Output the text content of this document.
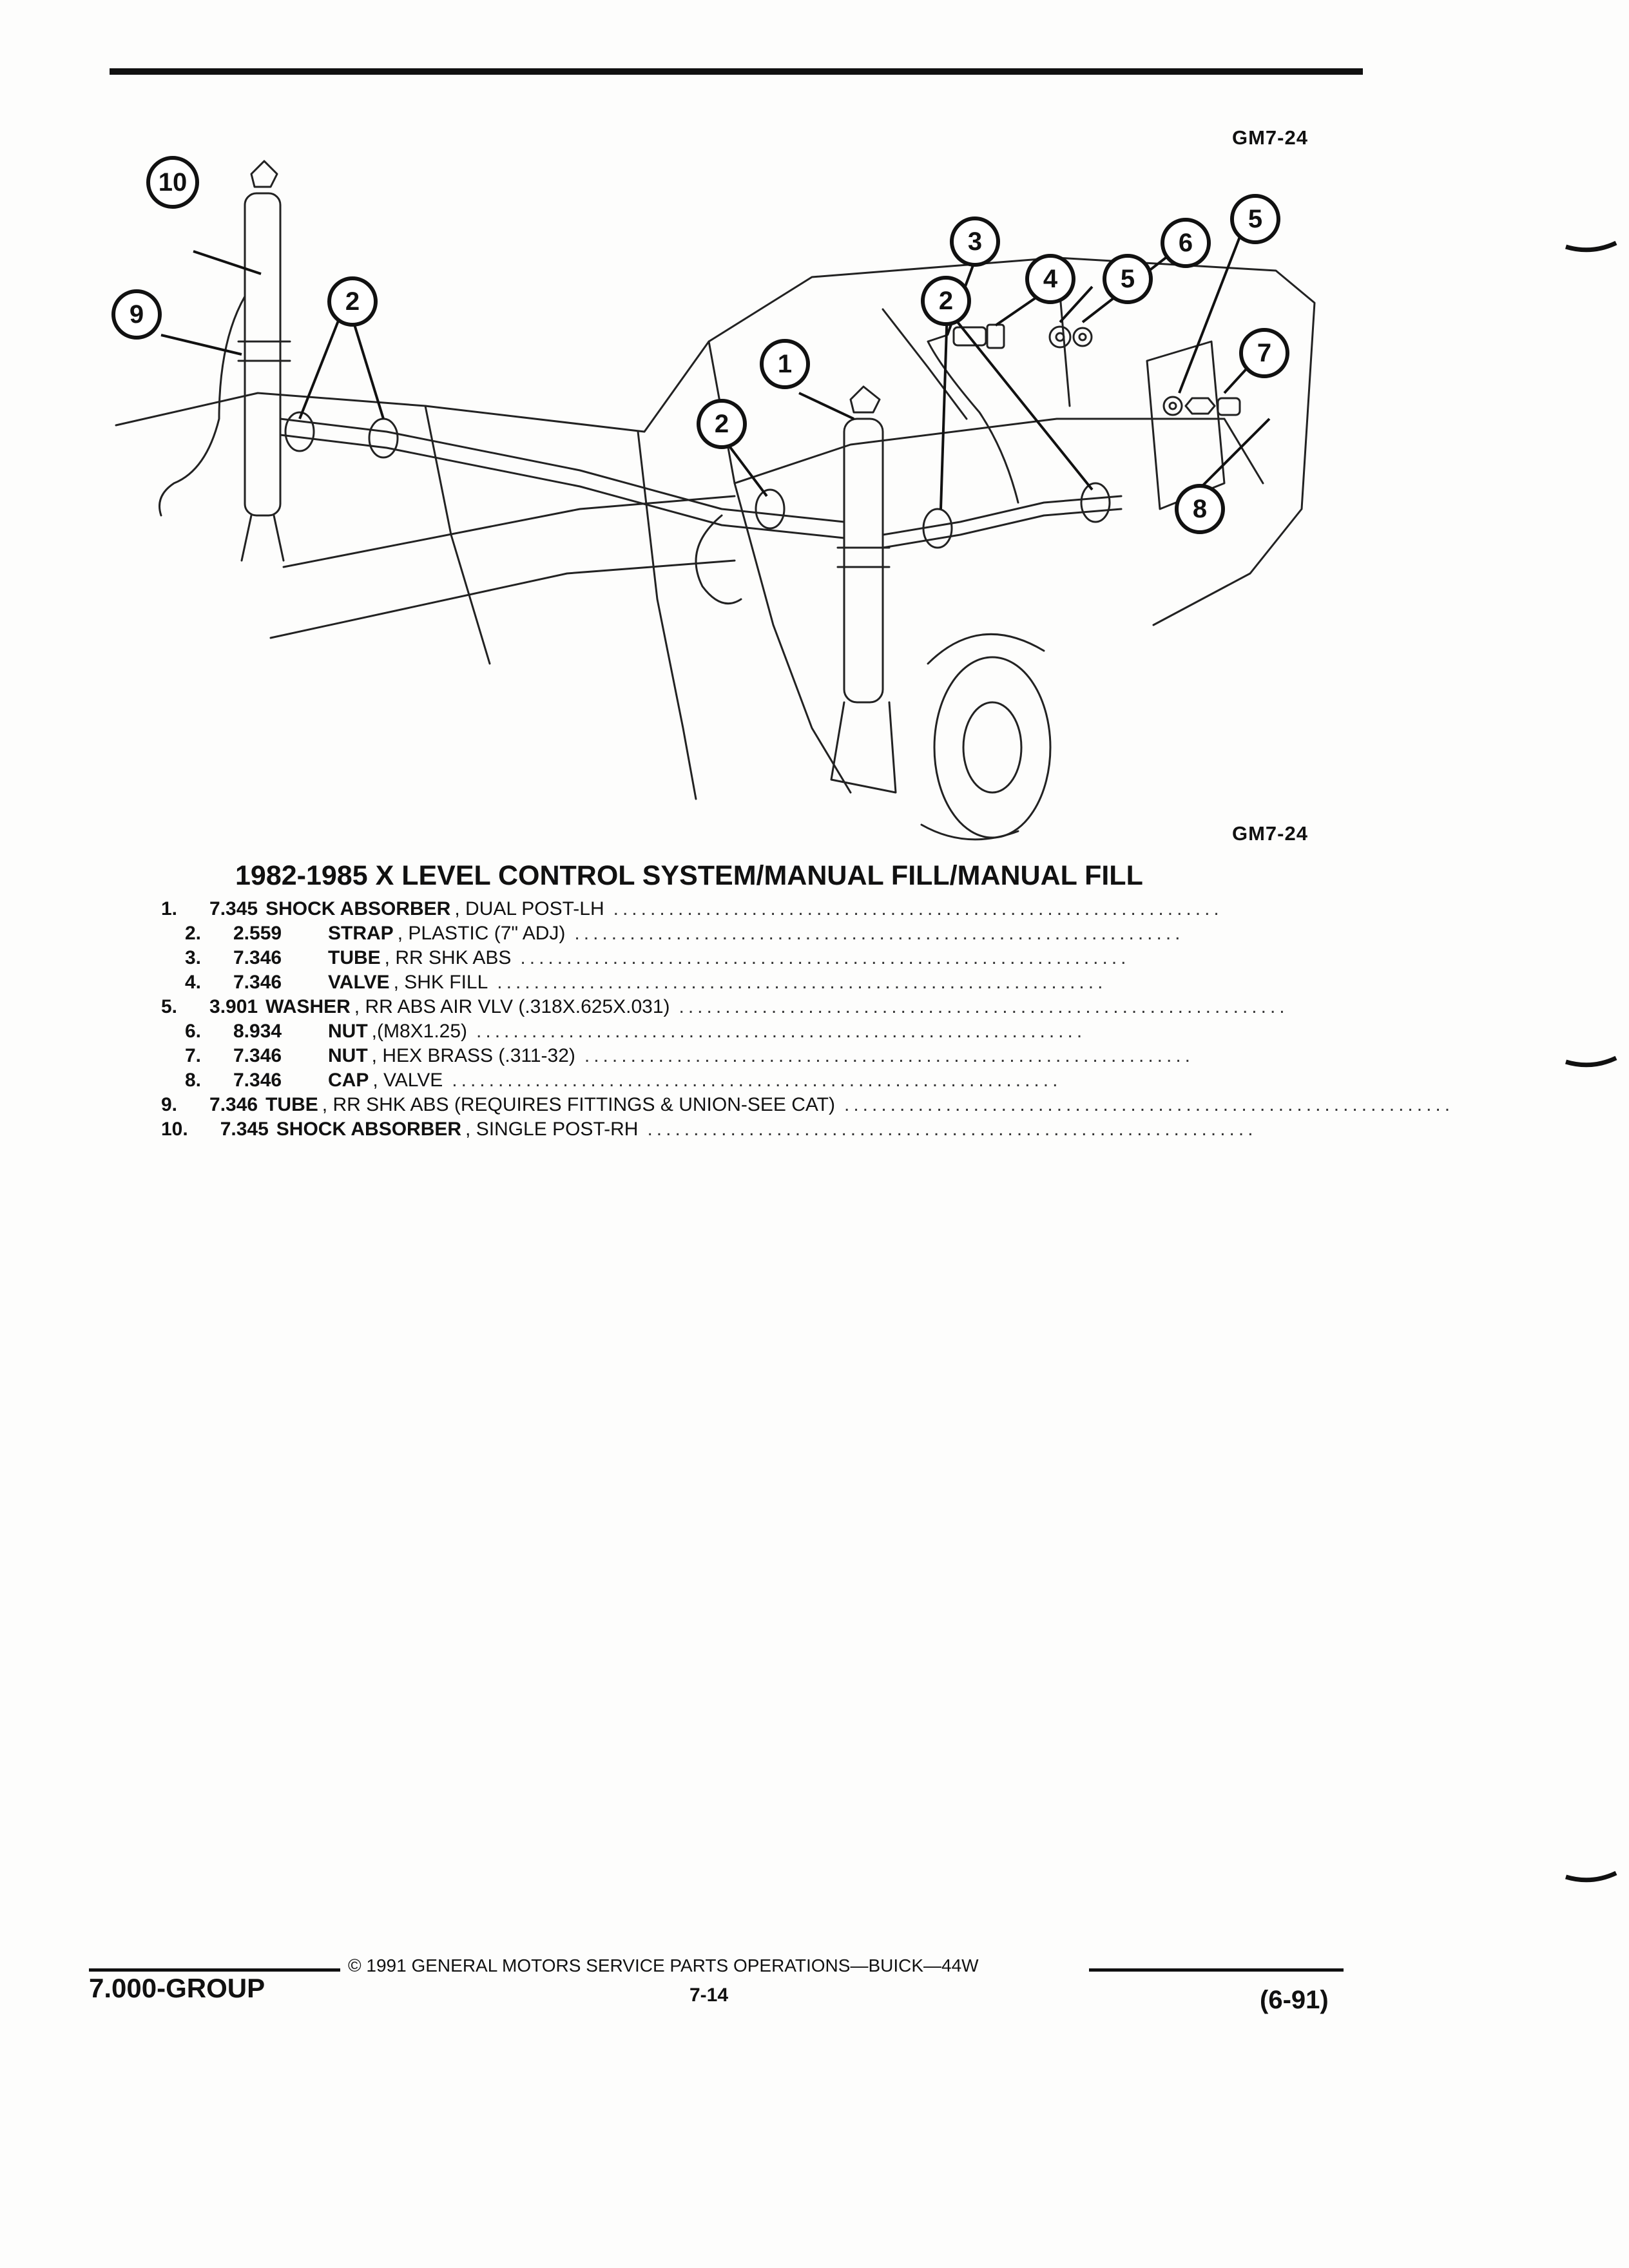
GM7-24
10
9	2
1
2
2
3
4 5
6
5
7
8
GM7-24
1982-1985 X LEVEL CONTROL SYSTEM/MANUAL FILL/MANUAL FILL
1. 7.345 SHOCK ABSORBER , DUAL POST-LH ..................................................................
2. 2.559	STRAP , PLASTIC (7" ADJ) ..................................................................
3. 7.346	TUBE , RR SHK ABS ..................................................................
4. 7.346	VALVE , SHK FILL ..................................................................
5. 3.901 WASHER , RR ABS AIR VLV (.318X.625X.031) ..................................................................
6. 8.934	NUT ,(M8X1.25) ..................................................................
7. 7.346	NUT , HEX BRASS (.311-32) ..................................................................
8. 7.346	CAP , VALVE ..................................................................
9. 7.346 TUBE , RR SHK ABS (REQUIRES FITTINGS & UNION-SEE CAT) ..................................................................
10. 7.345 SHOCK ABSORBER , SINGLE POST-RH ..................................................................
© 1991 GENERAL MOTORS SERVICE PARTS OPERATIONS—BUICK—44W
7.000-GROUP	7-14	(6-91)
